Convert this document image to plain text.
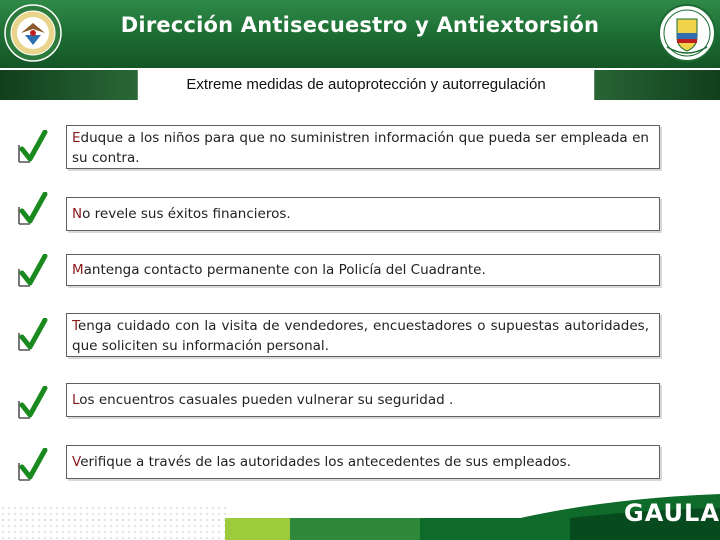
Dirección Antisecuestro y Antiextorsión
Extreme medidas de autoprotección y autorregulación
Eduque a los niños para que no suministren información que pueda ser empleada en su contra.
No revele sus éxitos financieros.
Mantenga contacto permanente con la Policía del Cuadrante.
Tenga cuidado con la visita de vendedores, encuestadores o supuestas autoridades, que soliciten su información personal.
Los encuentros casuales pueden vulnerar su seguridad .
Verifique a través de las autoridades los antecedentes de sus empleados.
GAULA
